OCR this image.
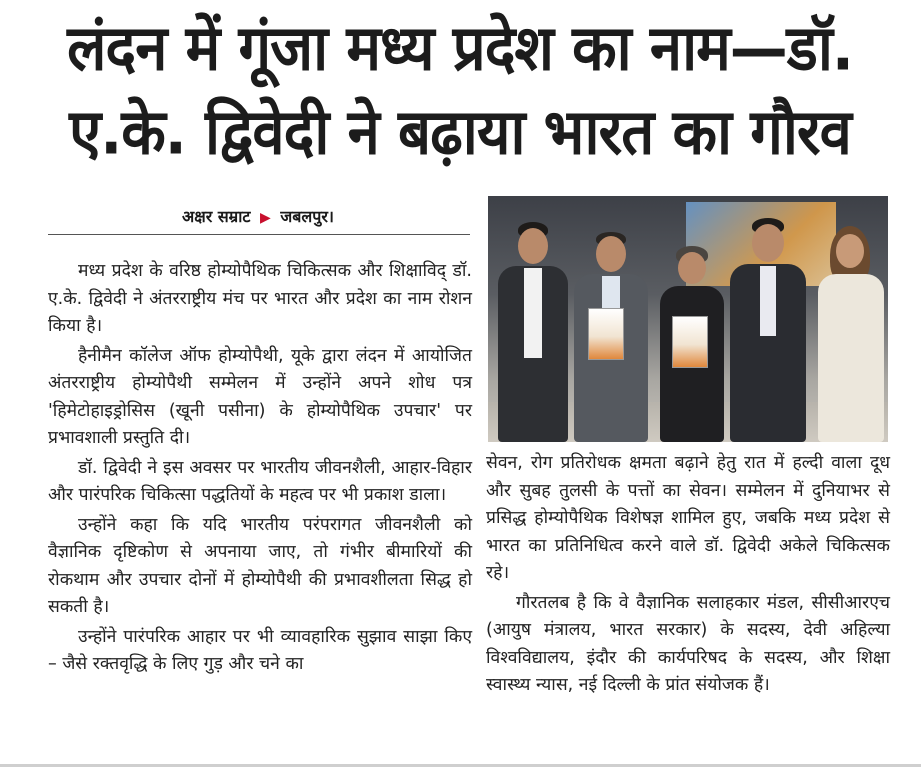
लंदन में गूंजा मध्य प्रदेश का नाम—डॉ.
ए.के. द्विवेदी ने बढ़ाया भारत का गौरव
अक्षर सम्राट ▶ जबलपुर।

मध्य प्रदेश के वरिष्ठ होम्योपैथिक चिकित्सक और शिक्षाविद् डॉ. ए.के. द्विवेदी ने अंतरराष्ट्रीय मंच पर भारत और प्रदेश का नाम रोशन किया है।

हैनीमैन कॉलेज ऑफ होम्योपैथी, यूके द्वारा लंदन में आयोजित अंतरराष्ट्रीय होम्योपैथी सम्मेलन में उन्होंने अपने शोध पत्र 'हिमेटोहाइड्रोसिस (खूनी पसीना) के होम्योपैथिक उपचार' पर प्रभावशाली प्रस्तुति दी।

डॉ. द्विवेदी ने इस अवसर पर भारतीय जीवनशैली, आहार-विहार और पारंपरिक चिकित्सा पद्धतियों के महत्व पर भी प्रकाश डाला।

उन्होंने कहा कि यदि भारतीय परंपरागत जीवनशैली को वैज्ञानिक दृष्टिकोण से अपनाया जाए, तो गंभीर बीमारियों की रोकथाम और उपचार दोनों में होम्योपैथी की प्रभावशीलता सिद्ध हो सकती है।

उन्होंने पारंपरिक आहार पर भी व्यावहारिक सुझाव साझा किए – जैसे रक्तवृद्धि के लिए गुड़ और चने का

सेवन, रोग प्रतिरोधक क्षमता बढ़ाने हेतु रात में हल्दी वाला दूध और सुबह तुलसी के पत्तों का सेवन। सम्मेलन में दुनियाभर से प्रसिद्ध होम्योपैथिक विशेषज्ञ शामिल हुए, जबकि मध्य प्रदेश से भारत का प्रतिनिधित्व करने वाले डॉ. द्विवेदी अकेले चिकित्सक रहे।

गौरतलब है कि वे वैज्ञानिक सलाहकार मंडल, सीसीआरएच (आयुष मंत्रालय, भारत सरकार) के सदस्य, देवी अहिल्या विश्वविद्यालय, इंदौर की कार्यपरिषद के सदस्य, और शिक्षा स्वास्थ्य न्यास, नई दिल्ली के प्रांत संयोजक हैं।
